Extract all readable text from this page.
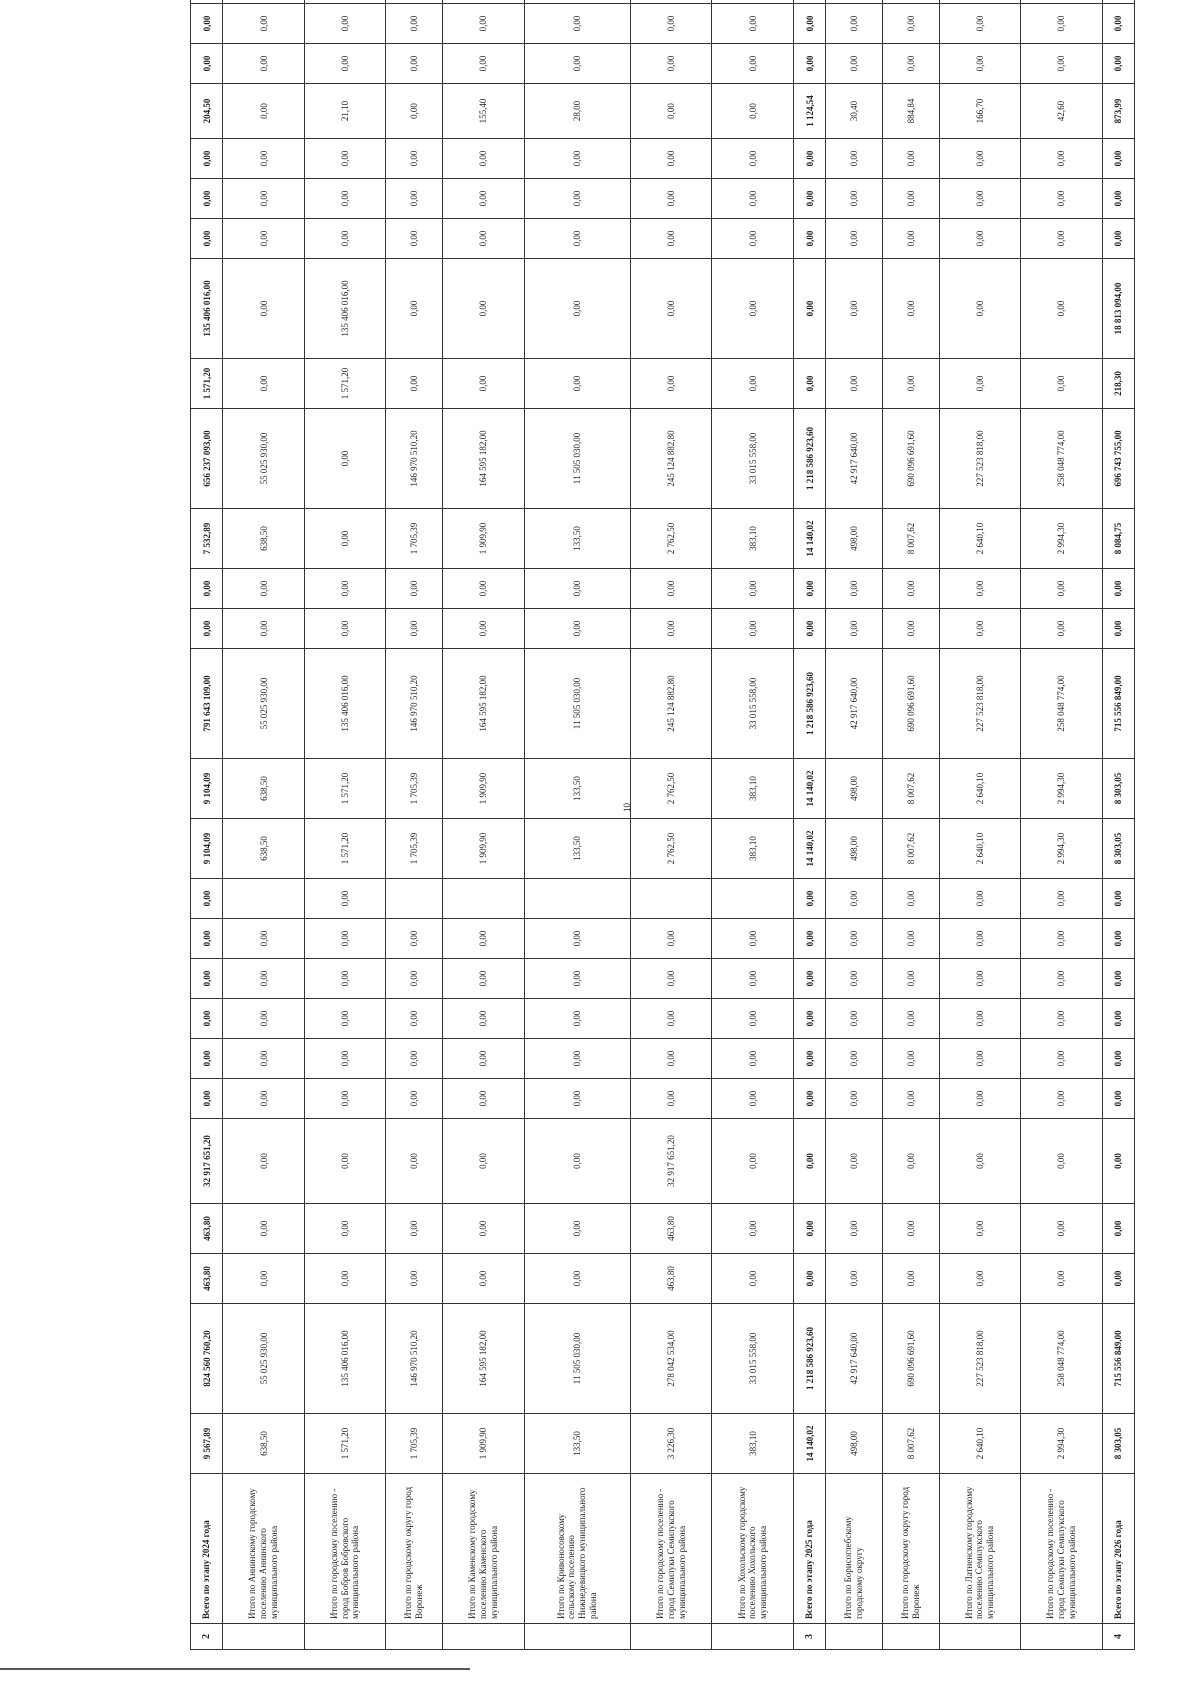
10
2	Всего по этапу 2024 года	9 567,89	824 560 760,20	463,80	463,80	32 917 651,20	0,00	0,00	0,00	0,00	0,00	0,00	9 104,09	9 104,09	791 643 109,00	0,00	0,00	7 532,89	656 237 093,00	1 571,20	135 406 016,00	0,00	0,00	0,00	204,50	0,00	0,00	
	Итого по Аннинскому городскому поселению Аннинского муниципального района	638,50	55 025 930,00	0,00	0,00	0,00	0,00	0,00	0,00	0,00	0,00		638,50	638,50	55 025 930,00	0,00	0,00	638,50	55 025 930,00	0,00	0,00	0,00	0,00	0,00	0,00	0,00	0,00	
	Итого по городскому поселению - город Бобров Бобровского муниципального района	1 571,20	135 406 016,00	0,00	0,00	0,00	0,00	0,00	0,00	0,00	0,00	0,00	1 571,20	1 571,20	135 406 016,00	0,00	0,00	0,00	0,00	1 571,20	135 406 016,00	0,00	0,00	0,00	21,10	0,00	0,00	
	Итого по городскому округу город Воронеж	1 705,39	146 970 510,20	0,00	0,00	0,00	0,00	0,00	0,00	0,00	0,00		1 705,39	1 705,39	146 970 510,20	0,00	0,00	1 705,39	146 970 510,20	0,00	0,00	0,00	0,00	0,00	0,00	0,00	0,00	
	Итого по Каменскому городскому поселению Каменского муниципального района	1 909,90	164 595 182,00	0,00	0,00	0,00	0,00	0,00	0,00	0,00	0,00		1 909,90	1 909,90	164 595 182,00	0,00	0,00	1 909,90	164 595 182,00	0,00	0,00	0,00	0,00	0,00	155,40	0,00	0,00	
	Итого по Кривоносовскому сельскому поселению Нижнедевицкого муниципального района	133,50	11 505 030,00	0,00	0,00	0,00	0,00	0,00	0,00	0,00	0,00		133,50	133,50	11 505 030,00	0,00	0,00	133,50	11 505 030,00	0,00	0,00	0,00	0,00	0,00	28,00	0,00	0,00	
	Итого по городскому поселению - город Семилуки Семилукского муниципального района	3 226,30	278 042 534,00	463,80	463,80	32 917 651,20	0,00	0,00	0,00	0,00	0,00		2 762,50	2 762,50	245 124 882,80	0,00	0,00	2 762,50	245 124 882,80	0,00	0,00	0,00	0,00	0,00	0,00	0,00	0,00	
	Итого по Хохольскому городскому поселению Хохольского муниципального района	383,10	33 015 558,00	0,00	0,00	0,00	0,00	0,00	0,00	0,00	0,00		383,10	383,10	33 015 558,00	0,00	0,00	383,10	33 015 558,00	0,00	0,00	0,00	0,00	0,00	0,00	0,00	0,00	
3	Всего по этапу 2025 года	14 140,02	1 218 586 923,60	0,00	0,00	0,00	0,00	0,00	0,00	0,00	0,00	0,00	14 140,02	14 140,02	1 218 586 923,60	0,00	0,00	14 140,02	1 218 586 923,60	0,00	0,00	0,00	0,00	0,00	1 124,54	0,00	0,00	
	Итого по Борисоглебскому городскому округу	498,00	42 917 640,00	0,00	0,00	0,00	0,00	0,00	0,00	0,00	0,00	0,00	498,00	498,00	42 917 640,00	0,00	0,00	498,00	42 917 640,00	0,00	0,00	0,00	0,00	0,00	30,40	0,00	0,00	
	Итого по городскому округу город Воронеж	8 007,62	690 096 691,60	0,00	0,00	0,00	0,00	0,00	0,00	0,00	0,00	0,00	8 007,62	8 007,62	690 096 691,60	0,00	0,00	8 007,62	690 096 691,60	0,00	0,00	0,00	0,00	0,00	884,84	0,00	0,00	
	Итого по Латненскому городскому поселению Семилукского муниципального района	2 640,10	227 523 818,00	0,00	0,00	0,00	0,00	0,00	0,00	0,00	0,00	0,00	2 640,10	2 640,10	227 523 818,00	0,00	0,00	2 640,10	227 523 818,00	0,00	0,00	0,00	0,00	0,00	166,70	0,00	0,00	
	Итого по городскому поселению - город Семилуки Семилукского муниципального района	2 994,30	258 048 774,00	0,00	0,00	0,00	0,00	0,00	0,00	0,00	0,00	0,00	2 994,30	2 994,30	258 048 774,00	0,00	0,00	2 994,30	258 048 774,00	0,00	0,00	0,00	0,00	0,00	42,60	0,00	0,00	
4	Всего по этапу 2026 года	8 303,05	715 556 849,00	0,00	0,00	0,00	0,00	0,00	0,00	0,00	0,00	0,00	8 303,05	8 303,05	715 556 849,00	0,00	0,00	8 084,75	696 743 755,00	218,30	18 813 094,00	0,00	0,00	0,00	873,99	0,00	0,00	
